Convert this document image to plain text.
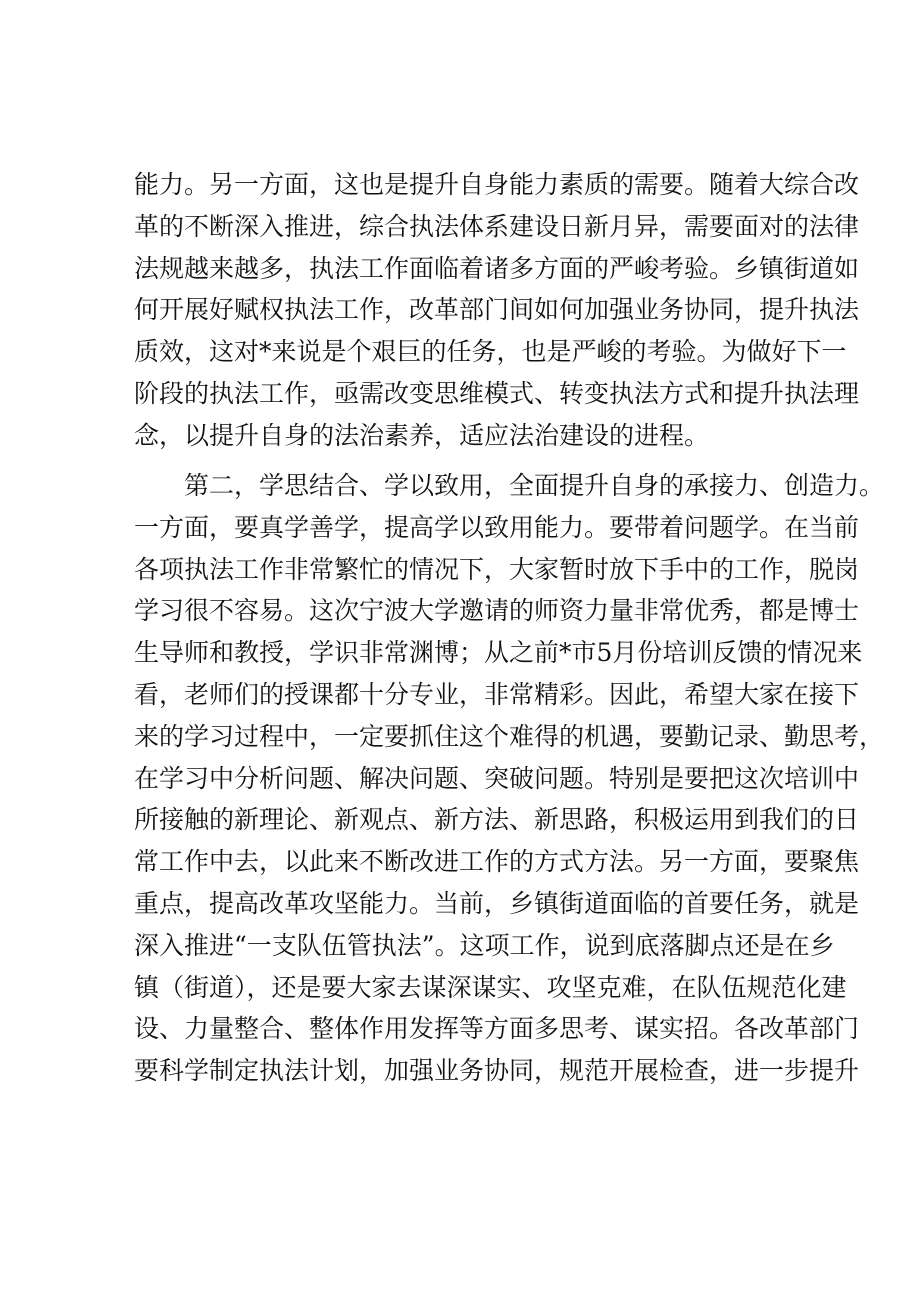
能力。另一方面，这也是提升自身能力素质的需要。随着大综合改
革的不断深入推进，综合执法体系建设日新月异，需要面对的法律
法规越来越多，执法工作面临着诸多方面的严峻考验。乡镇街道如
何开展好赋权执法工作，改革部门间如何加强业务协同，提升执法
质效，这对*来说是个艰巨的任务，也是严峻的考验。为做好下一
阶段的执法工作，亟需改变思维模式、转变执法方式和提升执法理
念，以提升自身的法治素养，适应法治建设的进程。
第二，学思结合、学以致用，全面提升自身的承接力、创造力。
一方面，要真学善学，提高学以致用能力。要带着问题学。在当前
各项执法工作非常繁忙的情况下，大家暂时放下手中的工作，脱岗
学习很不容易。这次宁波大学邀请的师资力量非常优秀，都是博士
生导师和教授，学识非常渊博；从之前*市5月份培训反馈的情况来
看，老师们的授课都十分专业，非常精彩。因此，希望大家在接下
来的学习过程中，一定要抓住这个难得的机遇，要勤记录、勤思考，
在学习中分析问题、解决问题、突破问题。特别是要把这次培训中
所接触的新理论、新观点、新方法、新思路，积极运用到我们的日
常工作中去，以此来不断改进工作的方式方法。另一方面，要聚焦
重点，提高改革攻坚能力。当前，乡镇街道面临的首要任务，就是
深入推进“一支队伍管执法”。这项工作，说到底落脚点还是在乡
镇（街道），还是要大家去谋深谋实、攻坚克难，在队伍规范化建
设、力量整合、整体作用发挥等方面多思考、谋实招。各改革部门
要科学制定执法计划，加强业务协同，规范开展检查，进一步提升
